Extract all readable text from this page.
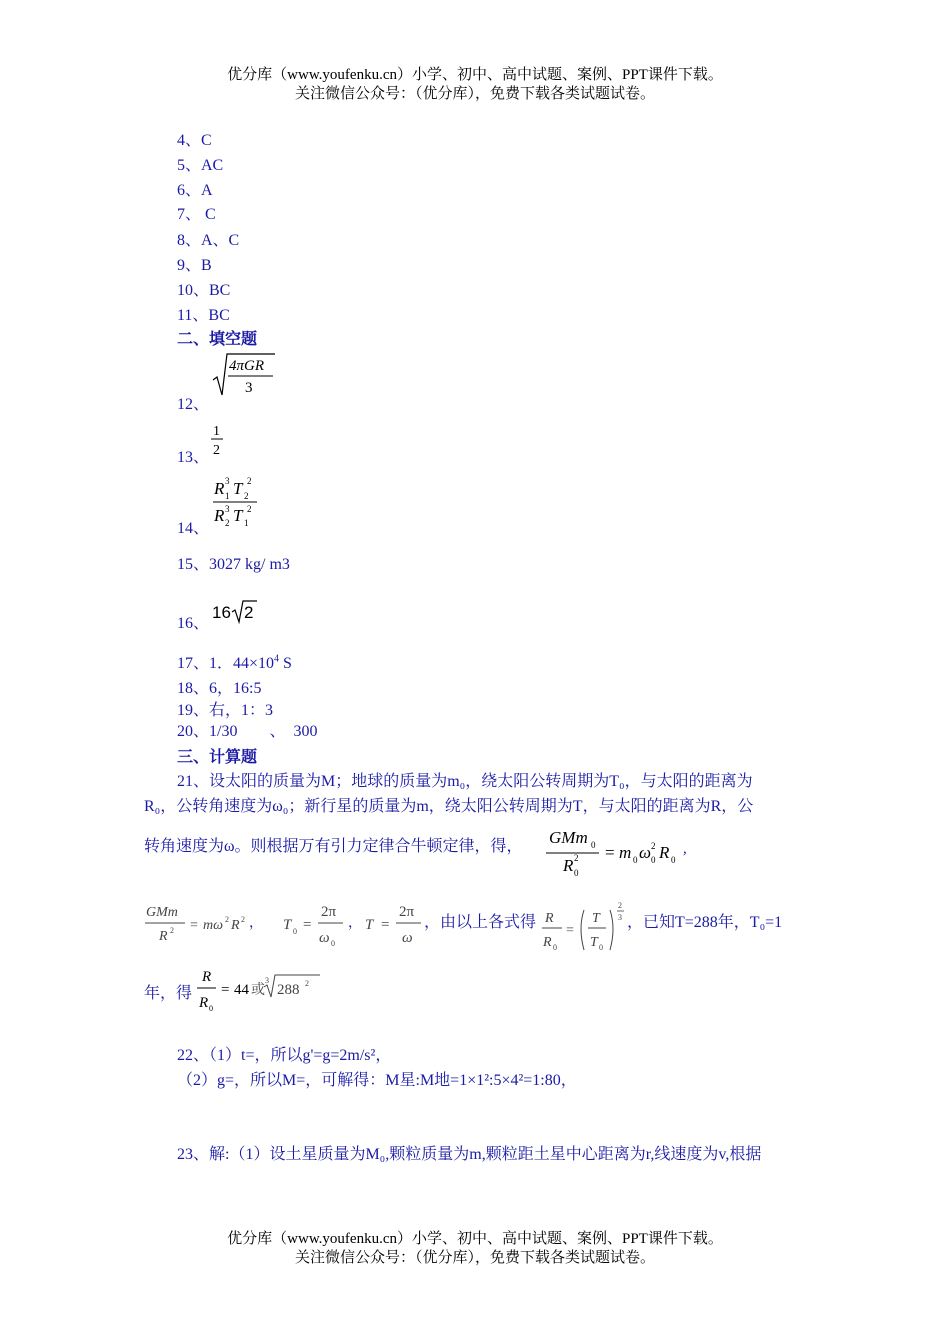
优分库（www.youfenku.cn）小学、初中、高中试题、案例、PPT课件下载。
关注微信公众号：（优分库），免费下载各类试题试卷。
4、C
5、AC
6、A
7、 C
8、A、C
9、B
10、BC
11、BC
二、填空题
12、
4πGR
3
13、
1
2
14、
R 1
3 T 2
2
R 2
3 T 1
2
15、3027 kg/ m3
16、
16 2
17、1．$44\times 10^4$ S
18、6，16:5
19、右，1：3
20、1/30　　、　300
三、计算题
21、设太阳的质量为M；地球的质量为m₀，绕太阳公转周期为T₀，与太阳的距离为
R₀，公转角速度为ω₀；新行星的质量为m，绕太阳公转周期为T，与太阳的距离为R，公
转角速度为ω。则根据万有引力定律合牛顿定律，得， GMm 0
R 0
2 = m 0 ω 0
2 R 0
,
GMm
R 2 = mω 2 R 2 ， T 0 =
2π
ω 0
， T =
2π
ω
，由以上各式得 R
R 0
=
T
T 0
2
3 ，已知T=288年，T₀=1
年，得
R
R 0
= 44 或
3
288 2
22、（1）t=，所以g'=g=2m/s²，
（2）g=，所以M=，可解得：M星:M地=1×1²:5×4²=1:80，
23、解:（1）设土星质量为M₀,颗粒质量为m,颗粒距土星中心距离为r,线速度为v,根据
优分库（www.youfenku.cn）小学、初中、高中试题、案例、PPT课件下载。
关注微信公众号：（优分库），免费下载各类试题试卷。
